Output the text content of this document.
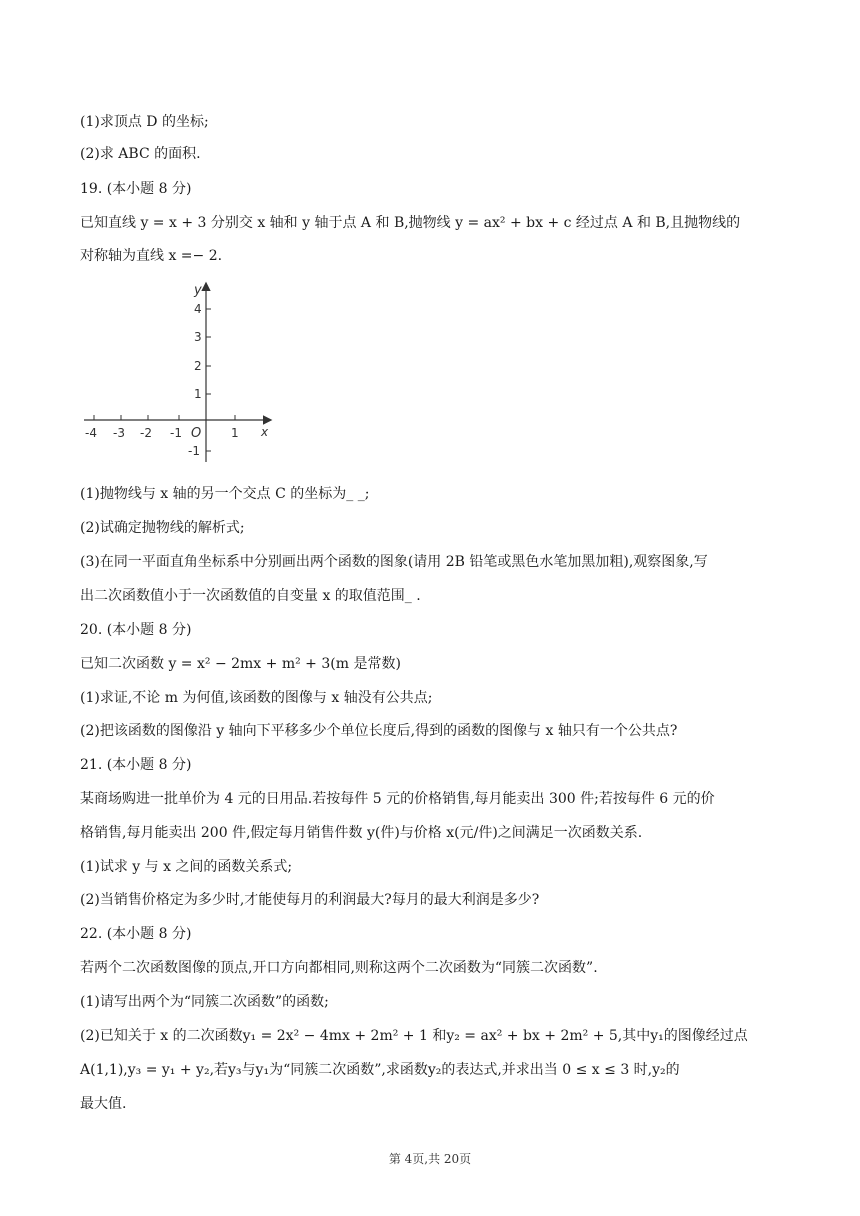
(1)求顶点 D 的坐标;
(2)求 ABC 的面积.
19. (本小题 8 分)
已知直线 y = x + 3 分别交 x 轴和 y 轴于点 A 和 B,抛物线 y = ax² + bx + c 经过点 A 和 B,且抛物线的
对称轴为直线 x =− 2.
y
x
O
-4 -3 -2 -1	1
4
3
2
1
-1
(1)抛物线与 x 轴的另一个交点 C 的坐标为_ _;
(2)试确定抛物线的解析式;
(3)在同一平面直角坐标系中分别画出两个函数的图象(请用 2B 铅笔或黑色水笔加黑加粗),观察图象,写
出二次函数值小于一次函数值的自变量 x 的取值范围_ .
20. (本小题 8 分)
已知二次函数 y = x² − 2mx + m² + 3(m 是常数)
(1)求证,不论 m 为何值,该函数的图像与 x 轴没有公共点;
(2)把该函数的图像沿 y 轴向下平移多少个单位长度后,得到的函数的图像与 x 轴只有一个公共点?
21. (本小题 8 分)
某商场购进一批单价为 4 元的日用品.若按每件 5 元的价格销售,每月能卖出 300 件;若按每件 6 元的价
格销售,每月能卖出 200 件,假定每月销售件数 y(件)与价格 x(元/件)之间满足一次函数关系.
(1)试求 y 与 x 之间的函数关系式;
(2)当销售价格定为多少时,才能使每月的利润最大?每月的最大利润是多少?
22. (本小题 8 分)
若两个二次函数图像的顶点,开口方向都相同,则称这两个二次函数为“同簇二次函数”.
(1)请写出两个为“同簇二次函数”的函数;
(2)已知关于 x 的二次函数y₁ = 2x² − 4mx + 2m² + 1 和y₂ = ax² + bx + 2m² + 5,其中y₁的图像经过点
A(1,1),y₃ = y₁ + y₂,若y₃与y₁为“同簇二次函数”,求函数y₂的表达式,并求出当 0 ≤ x ≤ 3 时,y₂的
最大值.
第 4页,共 20页
